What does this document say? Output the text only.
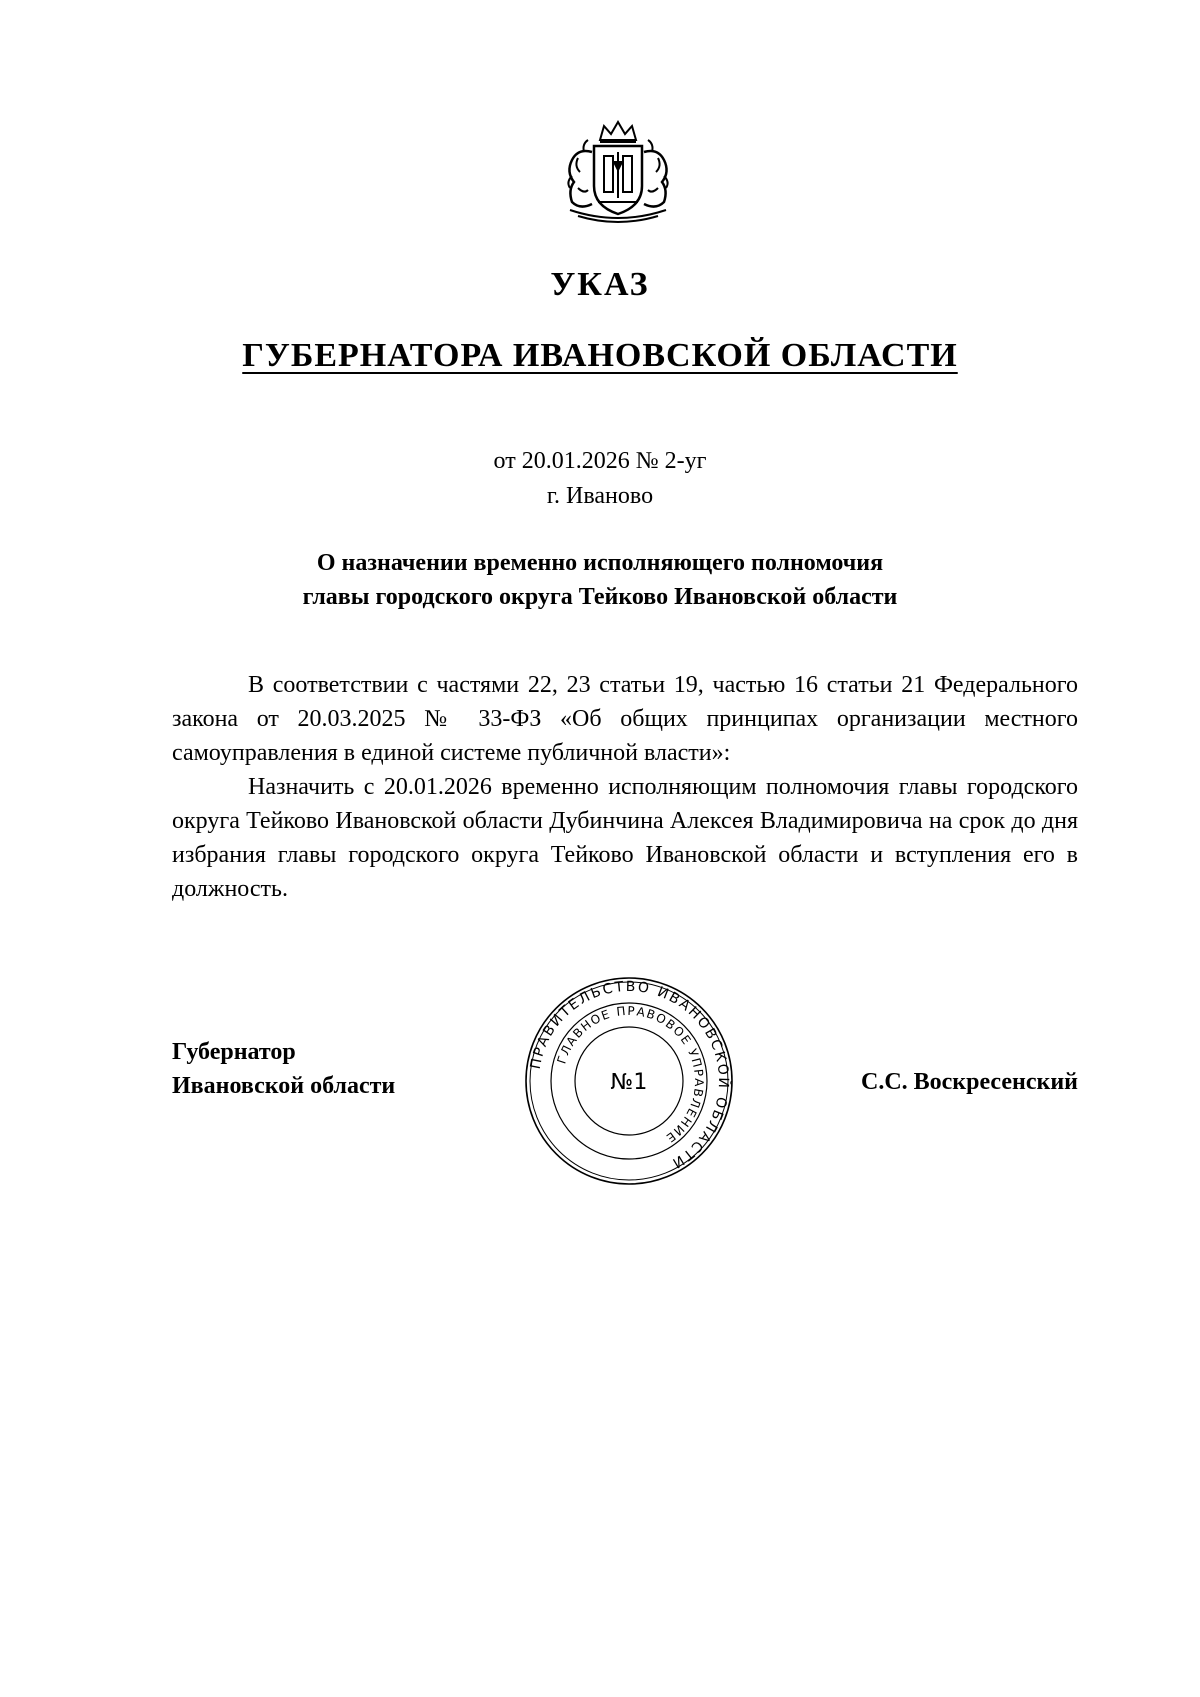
УКАЗ
ГУБЕРНАТОРА ИВАНОВСКОЙ ОБЛАСТИ
от 20.01.2026 № 2-уг
г. Иваново
О назначении временно исполняющего полномочия
главы городского округа Тейково Ивановской области

В соответствии с частями 22, 23 статьи 19, частью 16 статьи 21 Федерального закона от 20.03.2025 № 33-ФЗ «Об общих принципах организации местного самоуправления в единой системе публичной власти»:

Назначить с 20.01.2026 временно исполняющим полномочия главы городского округа Тейково Ивановской области Дубинчина Алексея Владимировича на срок до дня избрания главы городского округа Тейково Ивановской области и вступления его в должность.

Губернатор
Ивановской области	С.С. Воскресенский
ПРАВИТЕЛЬСТВО ИВАНОВСКОЙ ОБЛАСТИ
ГЛАВНОЕ ПРАВОВОЕ УПРАВЛЕНИЕ
№1
